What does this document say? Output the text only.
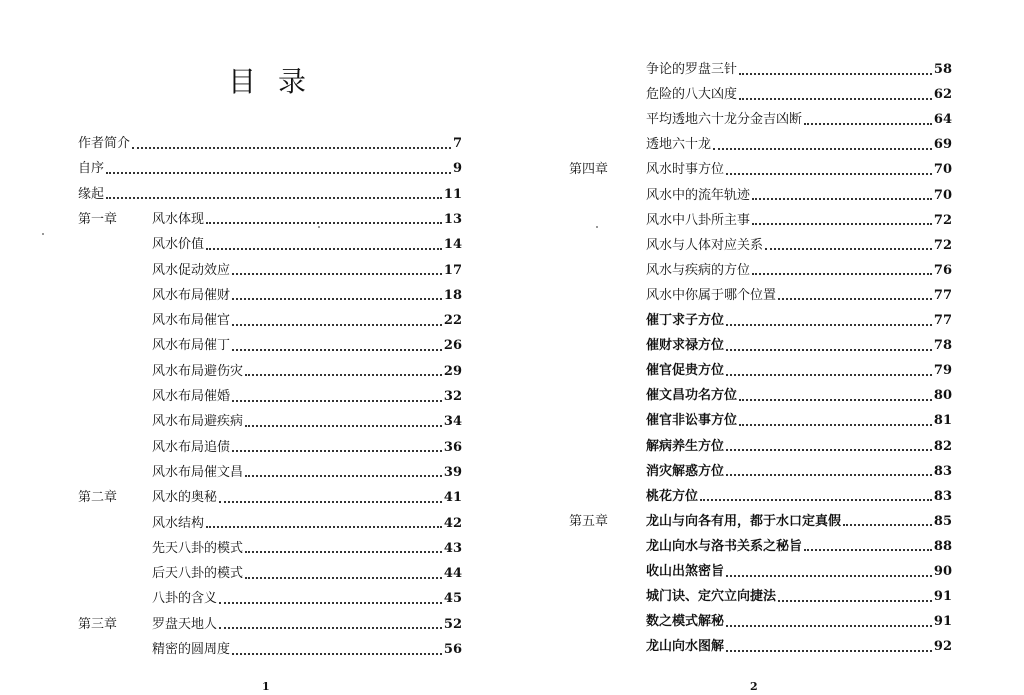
目录
作者简介	7
自序	9
缘起	11
第一章	风水体现	13
风水价值	14
风水促动效应	17
风水布局催财	18
风水布局催官	22
风水布局催丁	26
风水布局避伤灾	29
风水布局催婚	32
风水布局避疾病	34
风水布局追债	36
风水布局催文昌	39
第二章	风水的奥秘	41
风水结构	42
先天八卦的模式	43
后天八卦的模式	44
八卦的含义	45
第三章	罗盘天地人	52
精密的圆周度	56
1
争论的罗盘三针	58
危险的八大凶度	62
平均透地六十龙分金吉凶断	64
透地六十龙	69
第四章	风水时事方位	70
风水中的流年轨迹	70
风水中八卦所主事	72
风水与人体对应关系	72
风水与疾病的方位	76
风水中你属于哪个位置	77
催丁求子方位	77
催财求禄方位	78
催官促贵方位	79
催文昌功名方位	80
催官非讼事方位	81
解病养生方位	82
消灾解惑方位	83
桃花方位	83
第五章	龙山与向各有用，都于水口定真假	85
龙山向水与洛书关系之秘旨	88
收山出煞密旨	90
城门诀、定穴立向捷法	91
数之模式解秘	91
龙山向水图解	92
2
